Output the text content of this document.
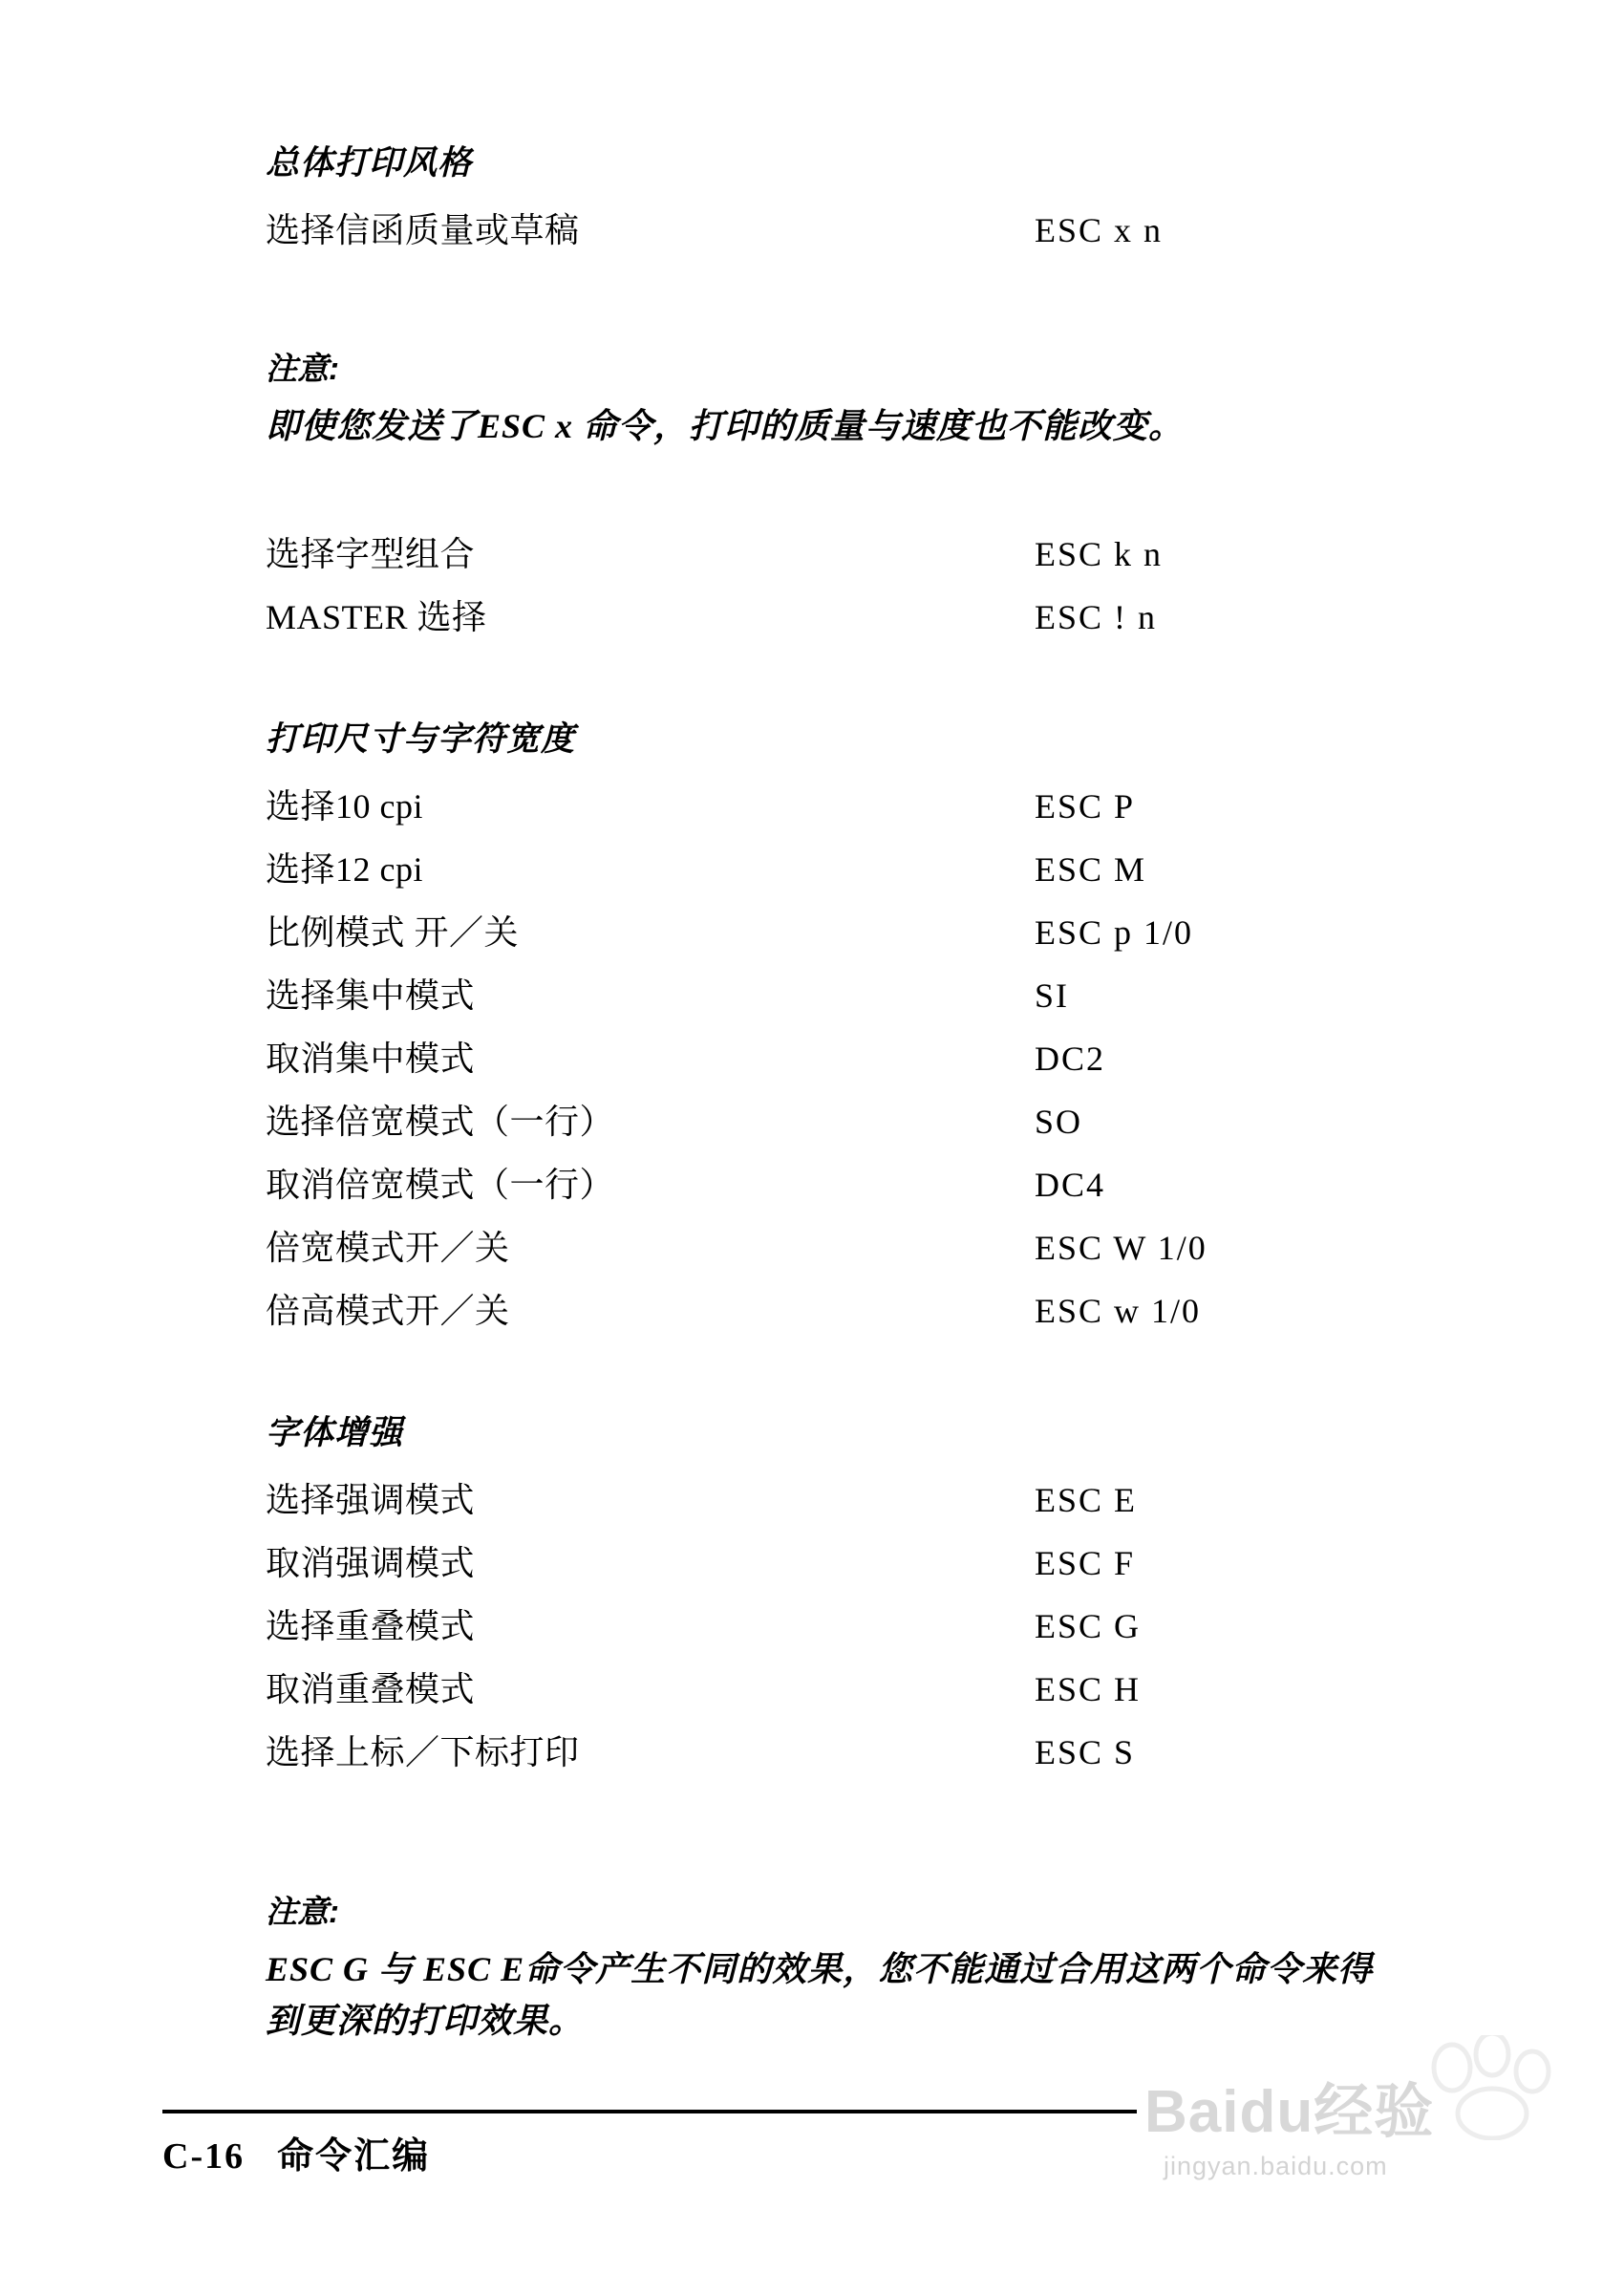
总体打印风格
选择信函质量或草稿	ESC x n
注意:
即使您发送了ESC x 命令，打印的质量与速度也不能改变。
选择字型组合	ESC k n
MASTER 选择	ESC ! n
打印尺寸与字符宽度
选择10 cpi	ESC P
选择12 cpi	ESC M
比例模式 开／关	ESC p 1/0
选择集中模式	SI
取消集中模式	DC2
选择倍宽模式（一行）	SO
取消倍宽模式（一行）	DC4
倍宽模式开／关	ESC W 1/0
倍高模式开／关	ESC w 1/0
字体增强
选择强调模式	ESC E
取消强调模式	ESC F
选择重叠模式	ESC G
取消重叠模式	ESC H
选择上标／下标打印	ESC S
注意:
ESC G 与 ESC E命令产生不同的效果，您不能通过合用这两个命令来得到更深的打印效果。
C-16 命令汇编
Baidu经验
jingyan.baidu.com
